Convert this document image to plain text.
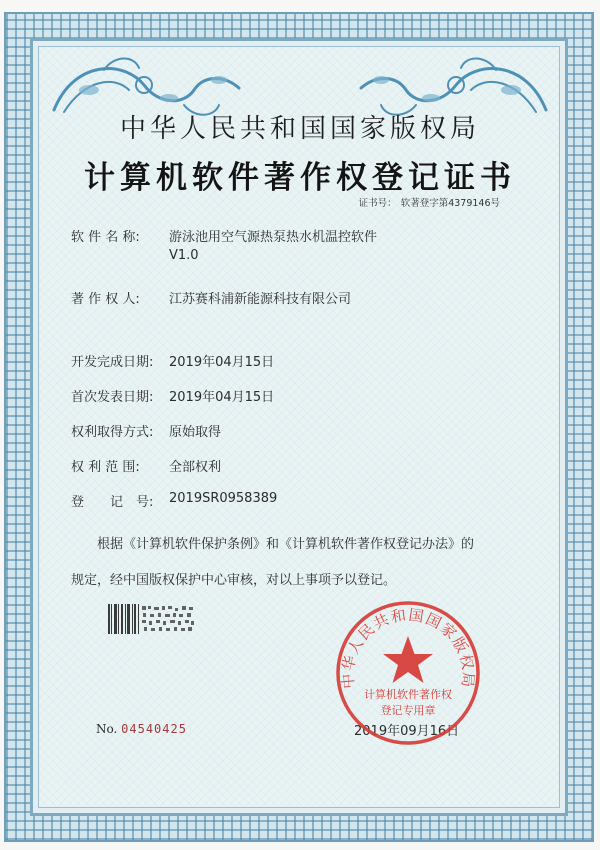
中华人民共和国国家版权局
计算机软件著作权登记证书
证书号： 软著登字第4379146号
软 件 名 称: 游泳池用空气源热泵热水机温控软件
V1.0
著 作 权 人: 江苏赛科浦新能源科技有限公司
开发完成日期: 2019年04月15日
首次发表日期: 2019年04月15日
权利取得方式: 原始取得
权 利 范 围: 全部权利
登　　记　号: 2019SR0958389
　　根据《计算机软件保护条例》和《计算机软件著作权登记办法》的
规定，经中国版权保护中心审核，对以上事项予以登记。
No. 04540425	2019年09月16日
中华人民共和国国家版权局
计算机软件著作权
登记专用章
